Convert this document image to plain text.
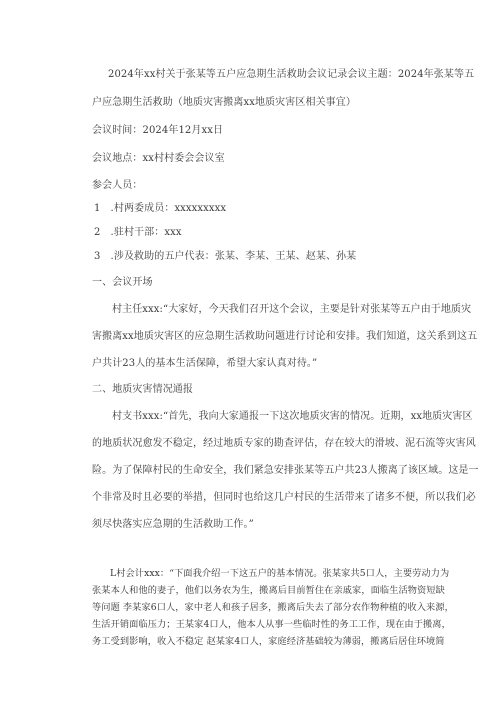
2024年xx村关于张某等五户应急期生活救助会议记录会议主题：2024年张某等五
户应急期生活救助（地质灾害搬离xx地质灾害区相关事宜）
会议时间：2024年12月xx日
会议地点：xx村村委会会议室
参会人员：
1　.村两委成员：xxxxxxxxx
2　.驻村干部：xxx
3　.涉及救助的五户代表：张某、李某、王某、赵某、孙某
一、会议开场
村主任xxx:“大家好，今天我们召开这个会议，主要是针对张某等五户由于地质灾
害搬离xx地质灾害区的应急期生活救助问题进行讨论和安排。我们知道，这关系到这五
户共计23人的基本生活保障，希望大家认真对待。”
二、地质灾害情况通报
村支书xxx:“首先，我向大家通报一下这次地质灾害的情况。近期，xx地质灾害区
的地质状况愈发不稳定，经过地质专家的勘查评估，存在较大的滑坡、泥石流等灾害风
险。为了保障村民的生命安全，我们紧急安排张某等五户共23人搬离了该区域。这是一
个非常及时且必要的举措，但同时也给这几户村民的生活带来了诸多不便，所以我们必
须尽快落实应急期的生活救助工作。”
L村会计xxx：“下面我介绍一下这五户的基本情况。张某家共5口人，主要劳动力为
张某本人和他的妻子，他们以务农为生，搬离后目前暂住在亲戚家，面临生活物资短缺
等问题 李某家6口人，家中老人和孩子居多，搬离后失去了部分农作物种植的收入来源，
生活开销面临压力；王某家4口人，他本人从事一些临时性的务工工作，现在由于搬离，
务工受到影响，收入不稳定 赵某家4口人，家庭经济基础较为薄弱，搬离后居住环境简
